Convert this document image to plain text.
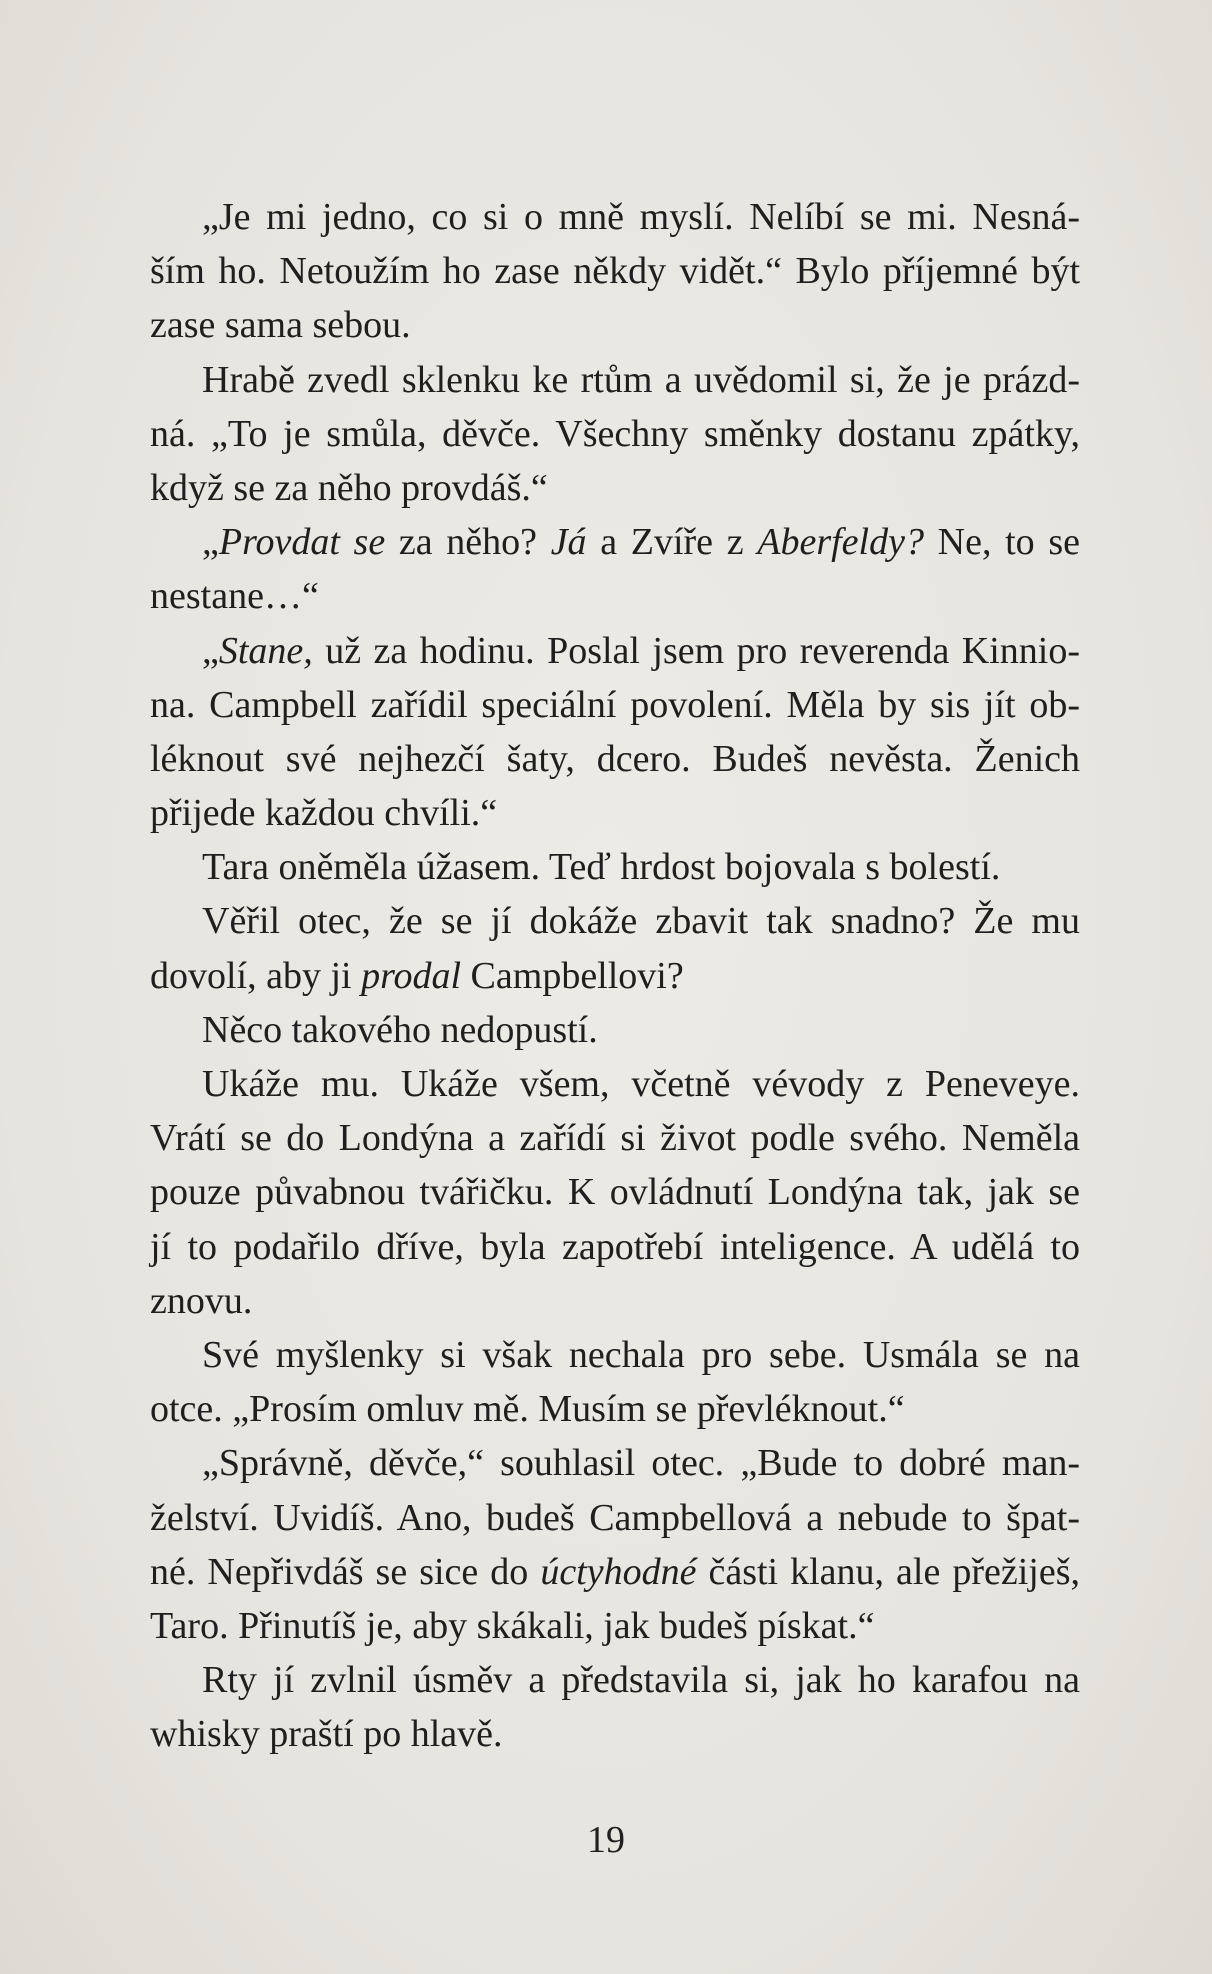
„Je mi jedno, co si o mně myslí. Nelíbí se mi. Nesná-
ším ho. Netoužím ho zase někdy vidět.“ Bylo příjemné být
zase sama sebou.
Hrabě zvedl sklenku ke rtům a uvědomil si, že je prázd-
ná. „To je smůla, děvče. Všechny směnky dostanu zpátky,
když se za něho provdáš.“
„Provdat se za něho? Já a Zvíře z Aberfeldy? Ne, to se
nestane…“
„Stane, už za hodinu. Poslal jsem pro reverenda Kinnio-
na. Campbell zařídil speciální povolení. Měla by sis jít ob-
léknout své nejhezčí šaty, dcero. Budeš nevěsta. Ženich
přijede každou chvíli.“
Tara oněměla úžasem. Teď hrdost bojovala s bolestí.
Věřil otec, že se jí dokáže zbavit tak snadno? Že mu
dovolí, aby ji prodal Campbellovi?
Něco takového nedopustí.
Ukáže mu. Ukáže všem, včetně vévody z Peneveye.
Vrátí se do Londýna a zařídí si život podle svého. Neměla
pouze půvabnou tvářičku. K ovládnutí Londýna tak, jak se
jí to podařilo dříve, byla zapotřebí inteligence. A udělá to
znovu.
Své myšlenky si však nechala pro sebe. Usmála se na
otce. „Prosím omluv mě. Musím se převléknout.“
„Správně, děvče,“ souhlasil otec. „Bude to dobré man-
želství. Uvidíš. Ano, budeš Campbellová a nebude to špat-
né. Nepřivdáš se sice do úctyhodné části klanu, ale přežiješ,
Taro. Přinutíš je, aby skákali, jak budeš pískat.“
Rty jí zvlnil úsměv a představila si, jak ho karafou na
whisky praští po hlavě.
19
